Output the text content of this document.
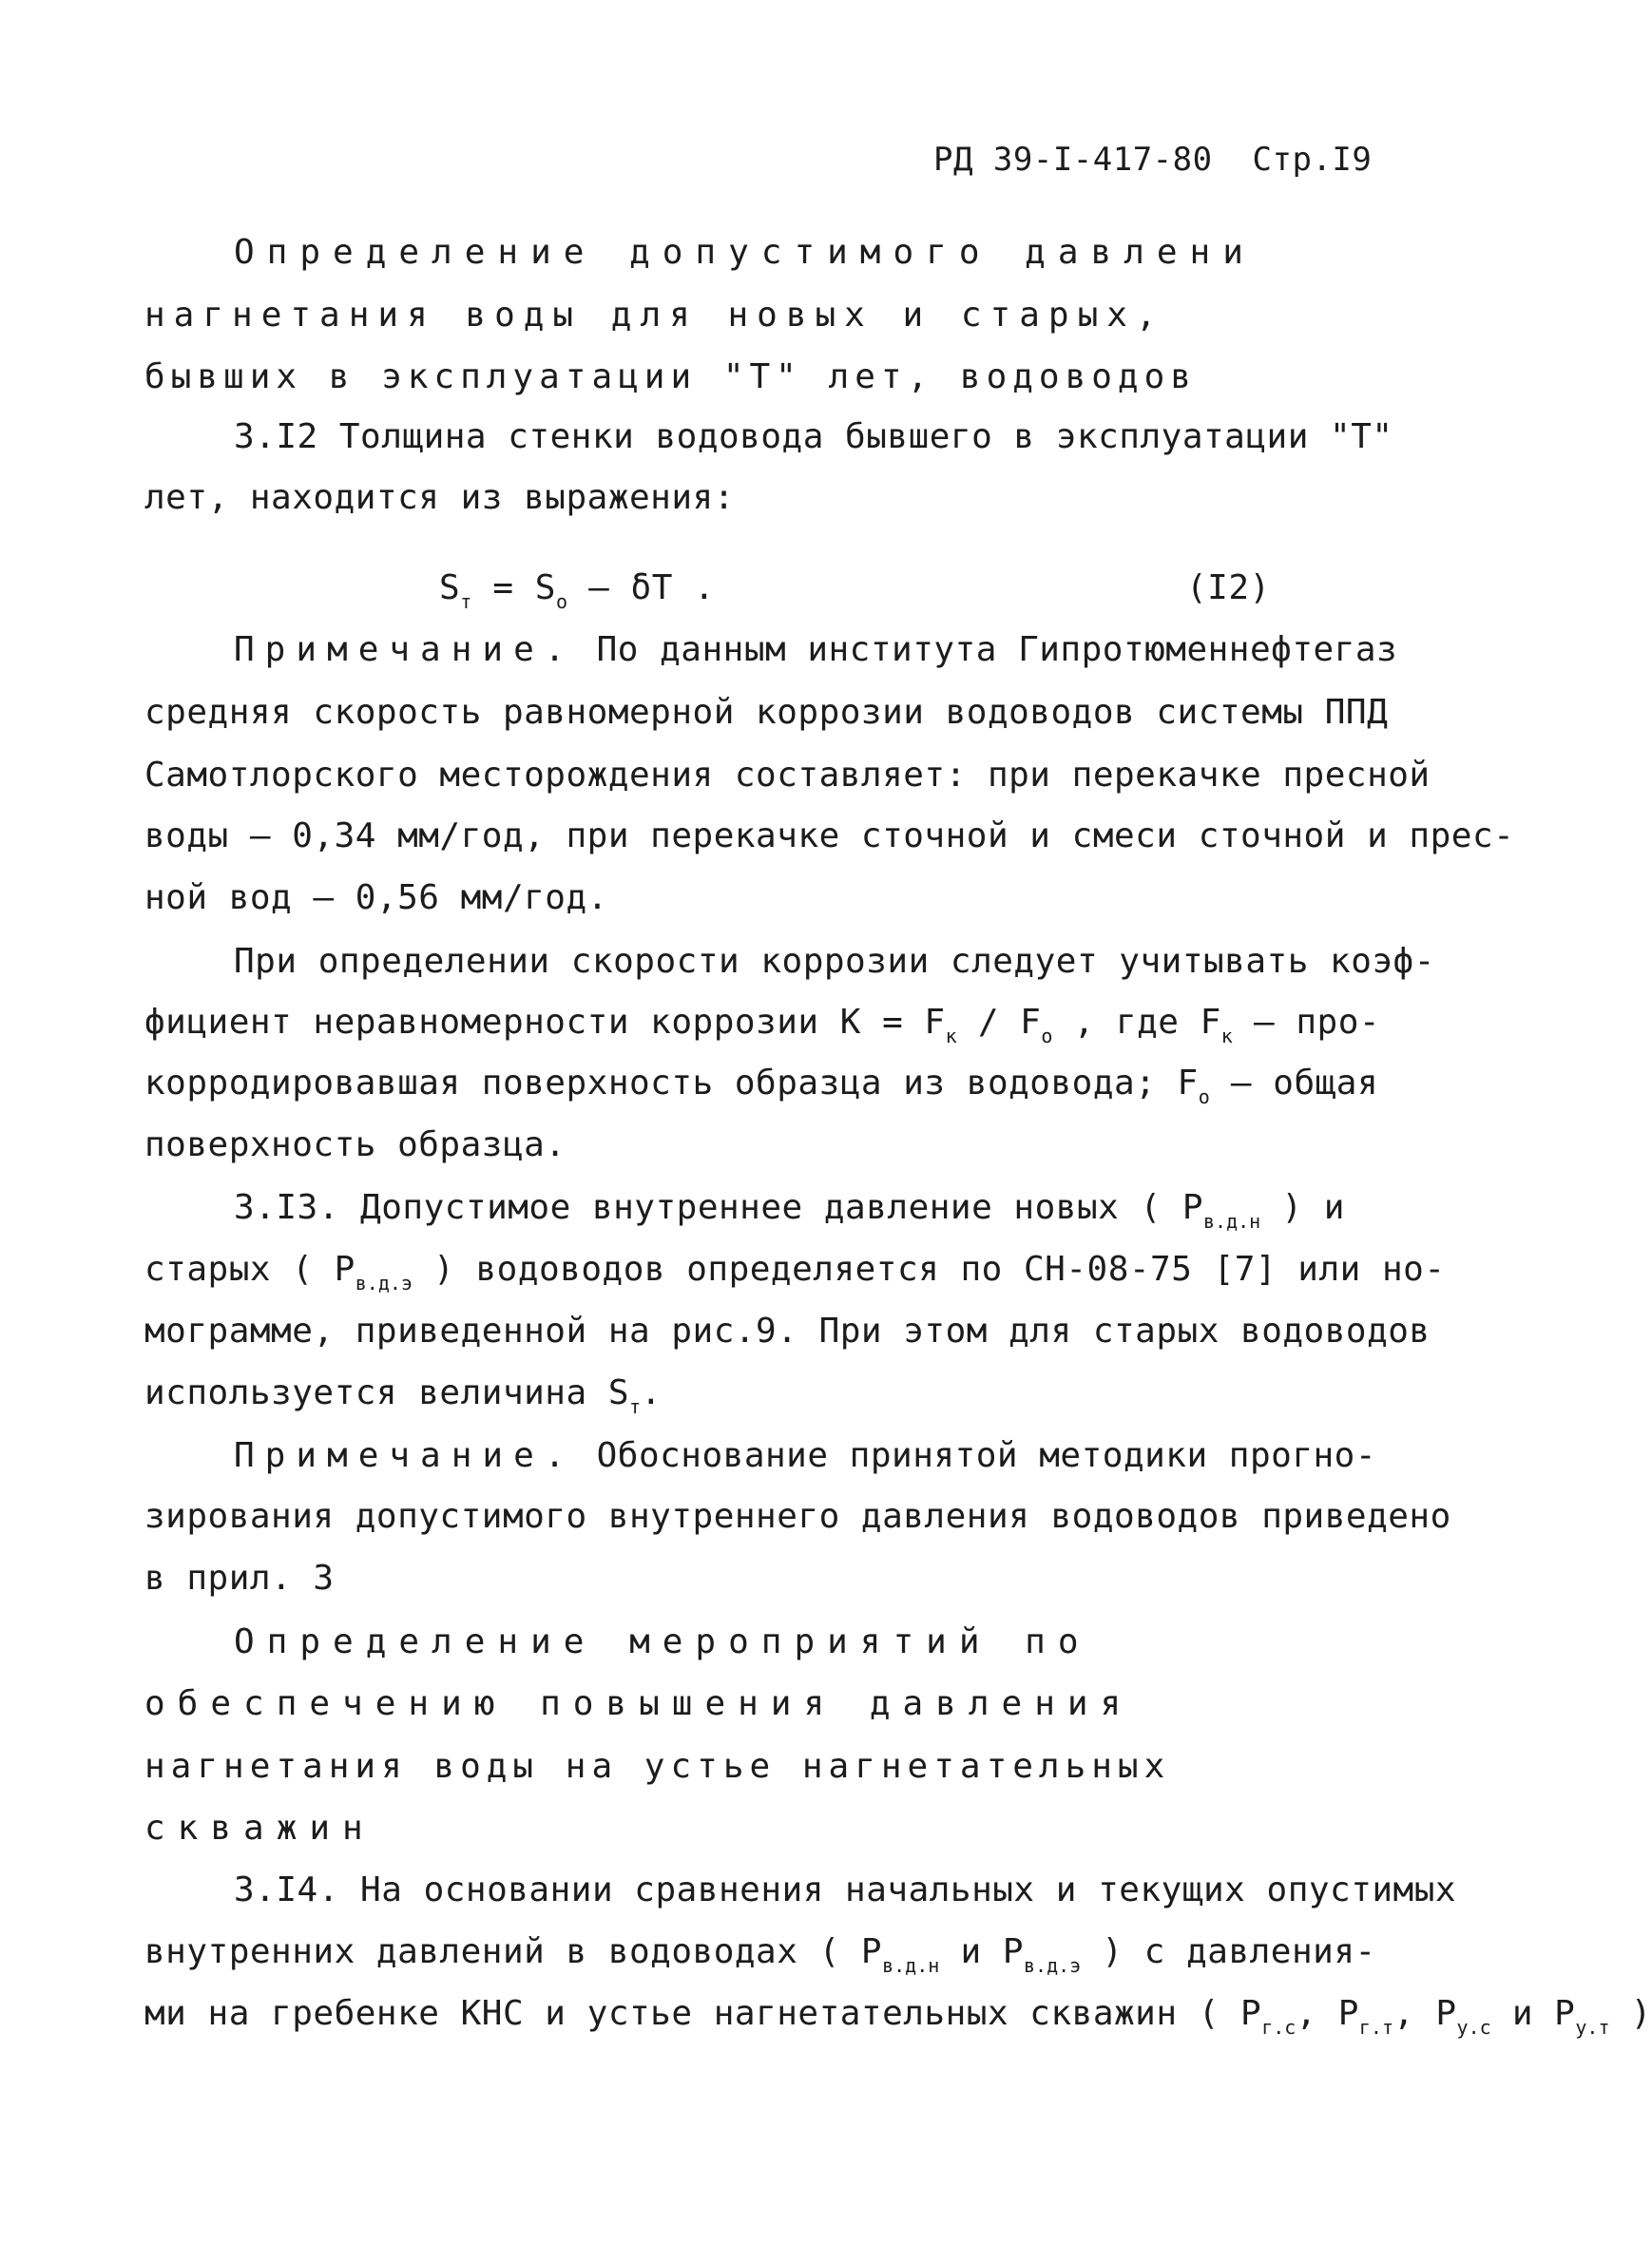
РД 39-I-417-80 Стр.I9

Определение допустимого давлени

нагнетания воды для новых и старых,

бывших в эксплуатации "Т" лет, водоводов

3.I2 Толщина стенки водовода бывшего в эксплуатации "Т"

лет, находится из выражения:

$S_т = S_о - \delta Т$ .	(I2)

Примечание. По данным института Гипротюменнефтегаз

средняя скорость равномерной коррозии водоводов системы ППД

Самотлорского месторождения составляет: при перекачке пресной

воды – 0,34 мм/год, при перекачке сточной и смеси сточной и прес-

ной вод – 0,56 мм/год.

При определении скорости коррозии следует учитывать коэф-

фициент неравномерности коррозии $К = F_к / F_о$ , где $F_к - про-$

корродировавшая поверхность образца из водовода; $F_о$ – общая

поверхность образца.

3.I3. Допустимое внутреннее давление новых ( $P_{в.д.н}$ ) и

старых ( $P_{в.д.э}$ ) водоводов определяется по СН-08-75 [7] или но-

мограмме, приведенной на рис.9. При этом для старых водоводов

используется величина $S_т$.

Примечание. Обоснование принятой методики прогно-

зирования допустимого внутреннего давления водоводов приведено

в прил. 3

Определение мероприятий по

обеспечению повышения давления

нагнетания воды на устье нагнетательных

скважин

3.I4. На основании сравнения начальных и текущих опустимых

внутренних давлений в водоводах ( $P_{в.д.н}$ и $P_{в.д.э}$ ) с давления-

ми на гребенке КНС и устье нагнетательных скважин ( $P_{г.с}$, $P_{г.т}$, $P_{у.с}$ и $P_{у.т}$ )
